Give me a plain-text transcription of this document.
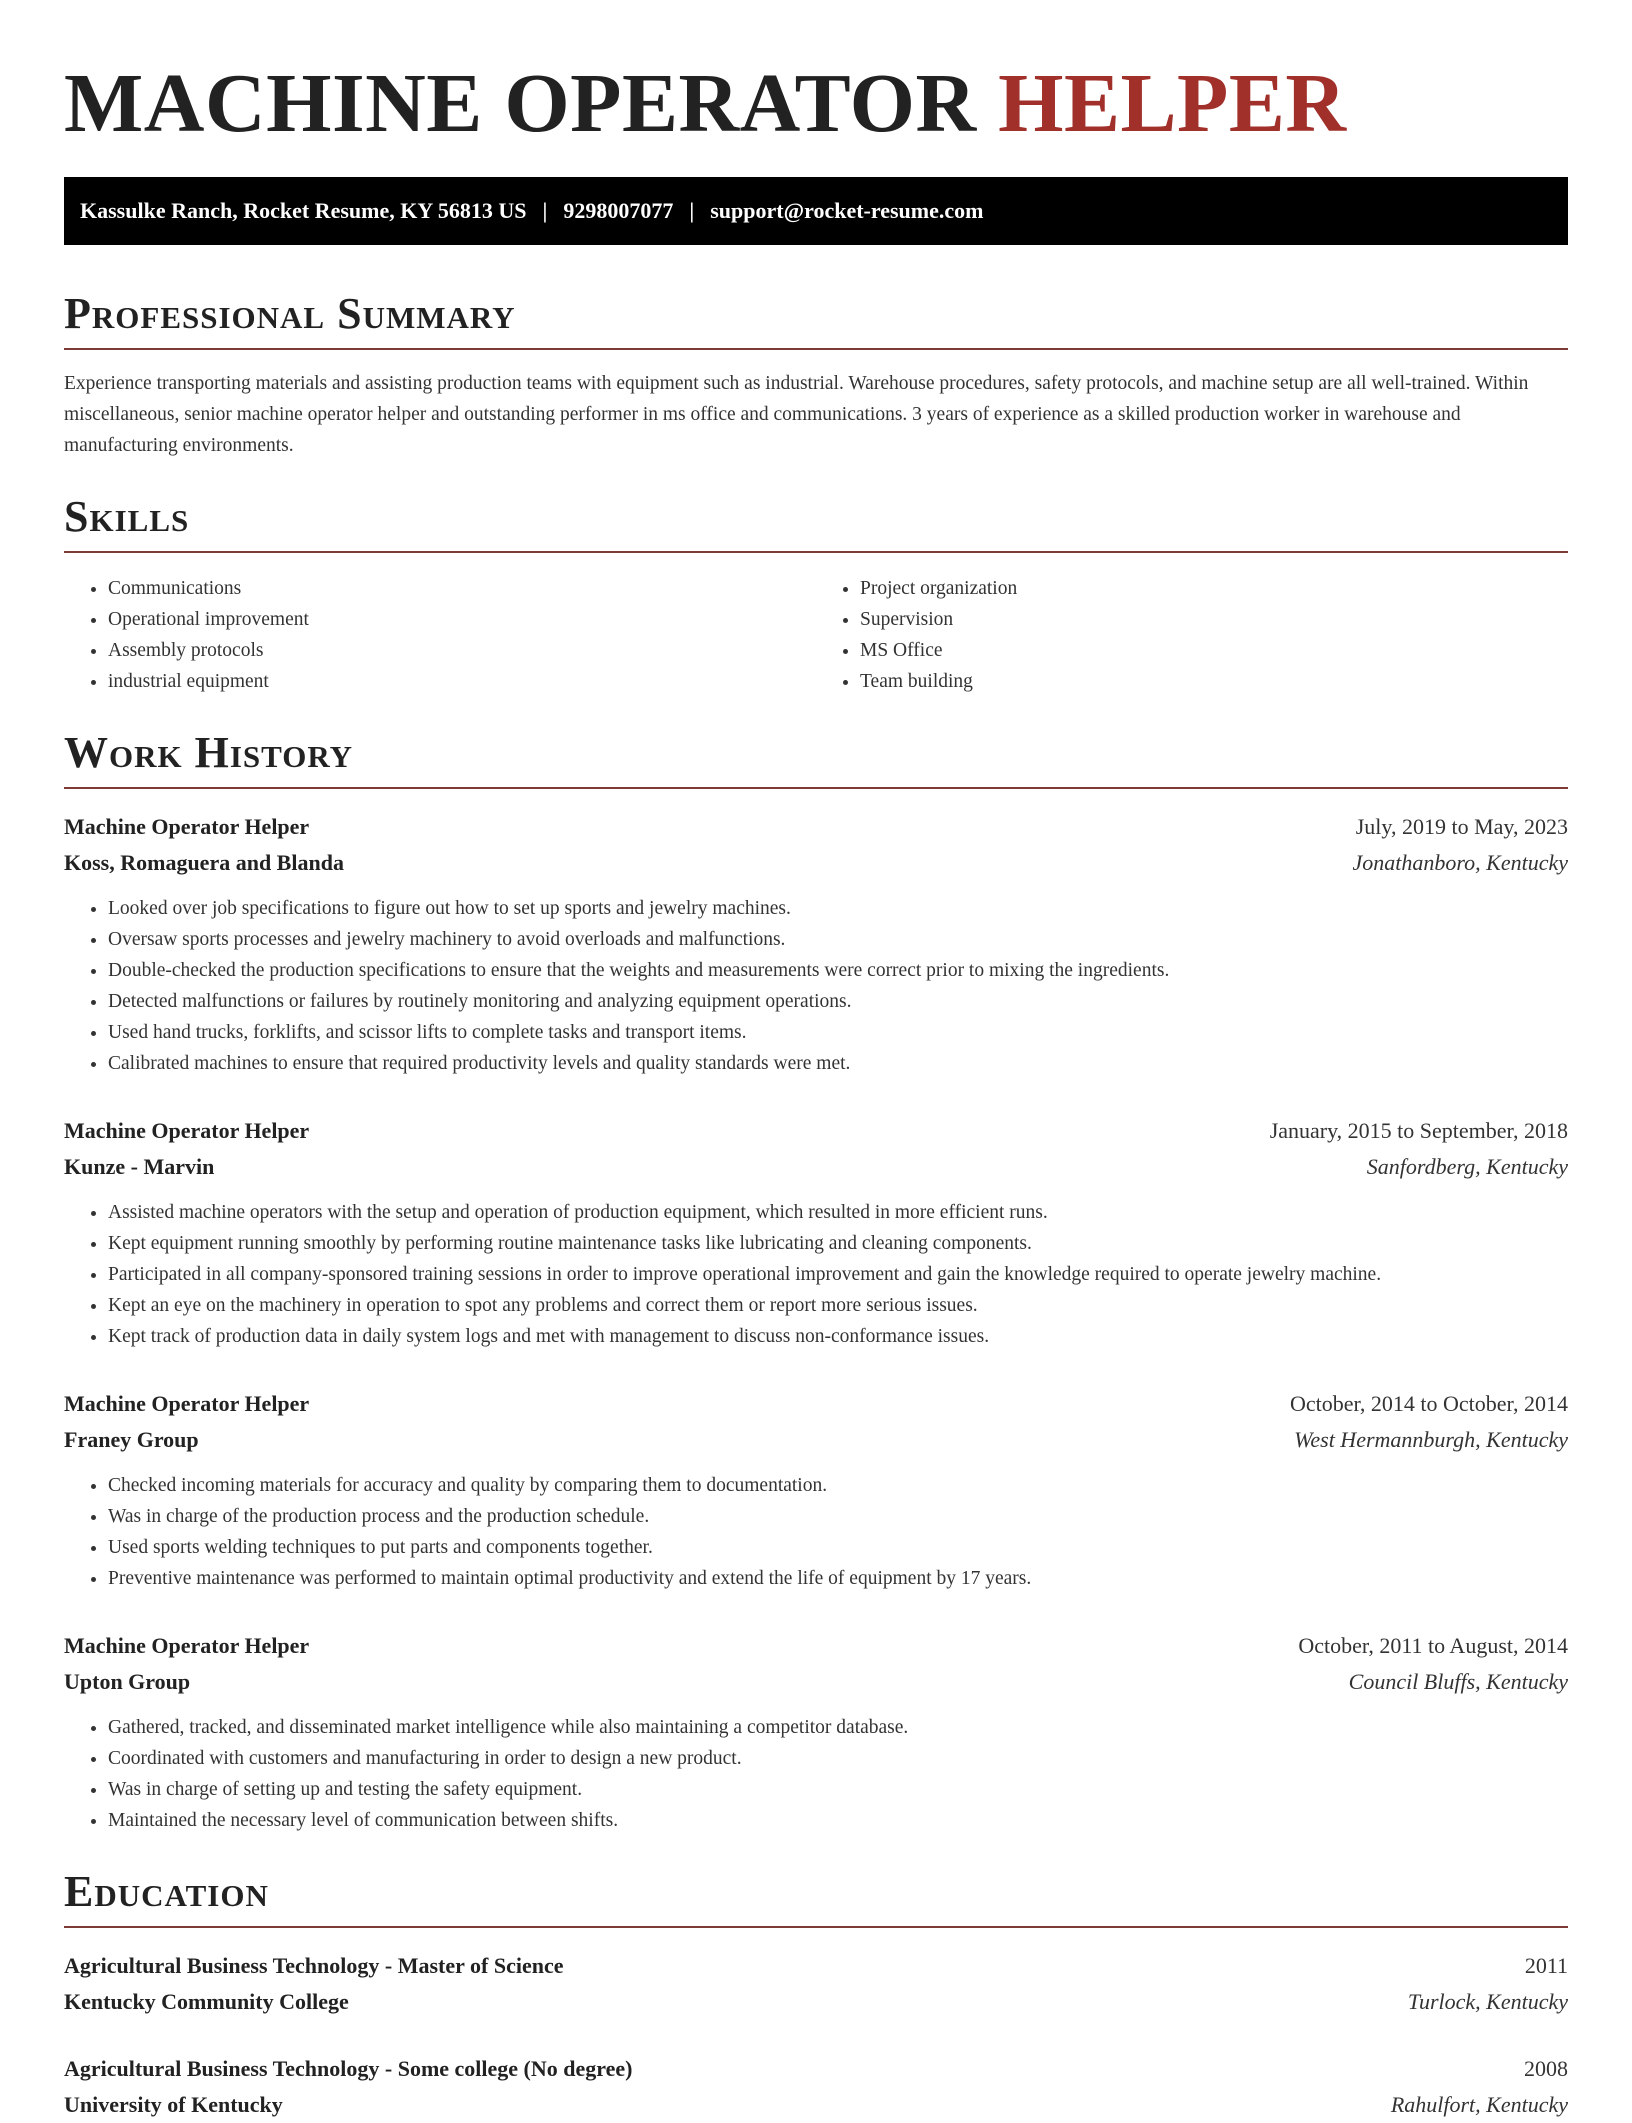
MACHINE OPERATOR HELPER
Kassulke Ranch, Rocket Resume, KY 56813 US | 9298007077 | support@rocket-resume.com
Professional Summary

Experience transporting materials and assisting production teams with equipment such as industrial. Warehouse procedures, safety protocols, and machine setup are all well-trained. Within miscellaneous, senior machine operator helper and outstanding performer in ms office and communications. 3 years of experience as a skilled production worker in warehouse and manufacturing environments.

Skills
• Communications
• Operational improvement
• Assembly protocols
• industrial equipment
• Project organization
• Supervision
• MS Office
• Team building
Work History
Machine Operator Helper	July, 2019 to May, 2023
Koss, Romaguera and Blanda	Jonathanboro, Kentucky
• Looked over job specifications to figure out how to set up sports and jewelry machines.
• Oversaw sports processes and jewelry machinery to avoid overloads and malfunctions.
• Double-checked the production specifications to ensure that the weights and measurements were correct prior to mixing the ingredients.
• Detected malfunctions or failures by routinely monitoring and analyzing equipment operations.
• Used hand trucks, forklifts, and scissor lifts to complete tasks and transport items.
• Calibrated machines to ensure that required productivity levels and quality standards were met.
Machine Operator Helper	January, 2015 to September, 2018
Kunze - Marvin	Sanfordberg, Kentucky
• Assisted machine operators with the setup and operation of production equipment, which resulted in more efficient runs.
• Kept equipment running smoothly by performing routine maintenance tasks like lubricating and cleaning components.
• Participated in all company-sponsored training sessions in order to improve operational improvement and gain the knowledge required to operate jewelry machine.
• Kept an eye on the machinery in operation to spot any problems and correct them or report more serious issues.
• Kept track of production data in daily system logs and met with management to discuss non-conformance issues.
Machine Operator Helper	October, 2014 to October, 2014
Franey Group	West Hermannburgh, Kentucky
• Checked incoming materials for accuracy and quality by comparing them to documentation.
• Was in charge of the production process and the production schedule.
• Used sports welding techniques to put parts and components together.
• Preventive maintenance was performed to maintain optimal productivity and extend the life of equipment by 17 years.
Machine Operator Helper	October, 2011 to August, 2014
Upton Group	Council Bluffs, Kentucky
• Gathered, tracked, and disseminated market intelligence while also maintaining a competitor database.
• Coordinated with customers and manufacturing in order to design a new product.
• Was in charge of setting up and testing the safety equipment.
• Maintained the necessary level of communication between shifts.
Education
Agricultural Business Technology - Master of Science	2011
Kentucky Community College	Turlock, Kentucky
Agricultural Business Technology - Some college (No degree)	2008
University of Kentucky	Rahulfort, Kentucky
